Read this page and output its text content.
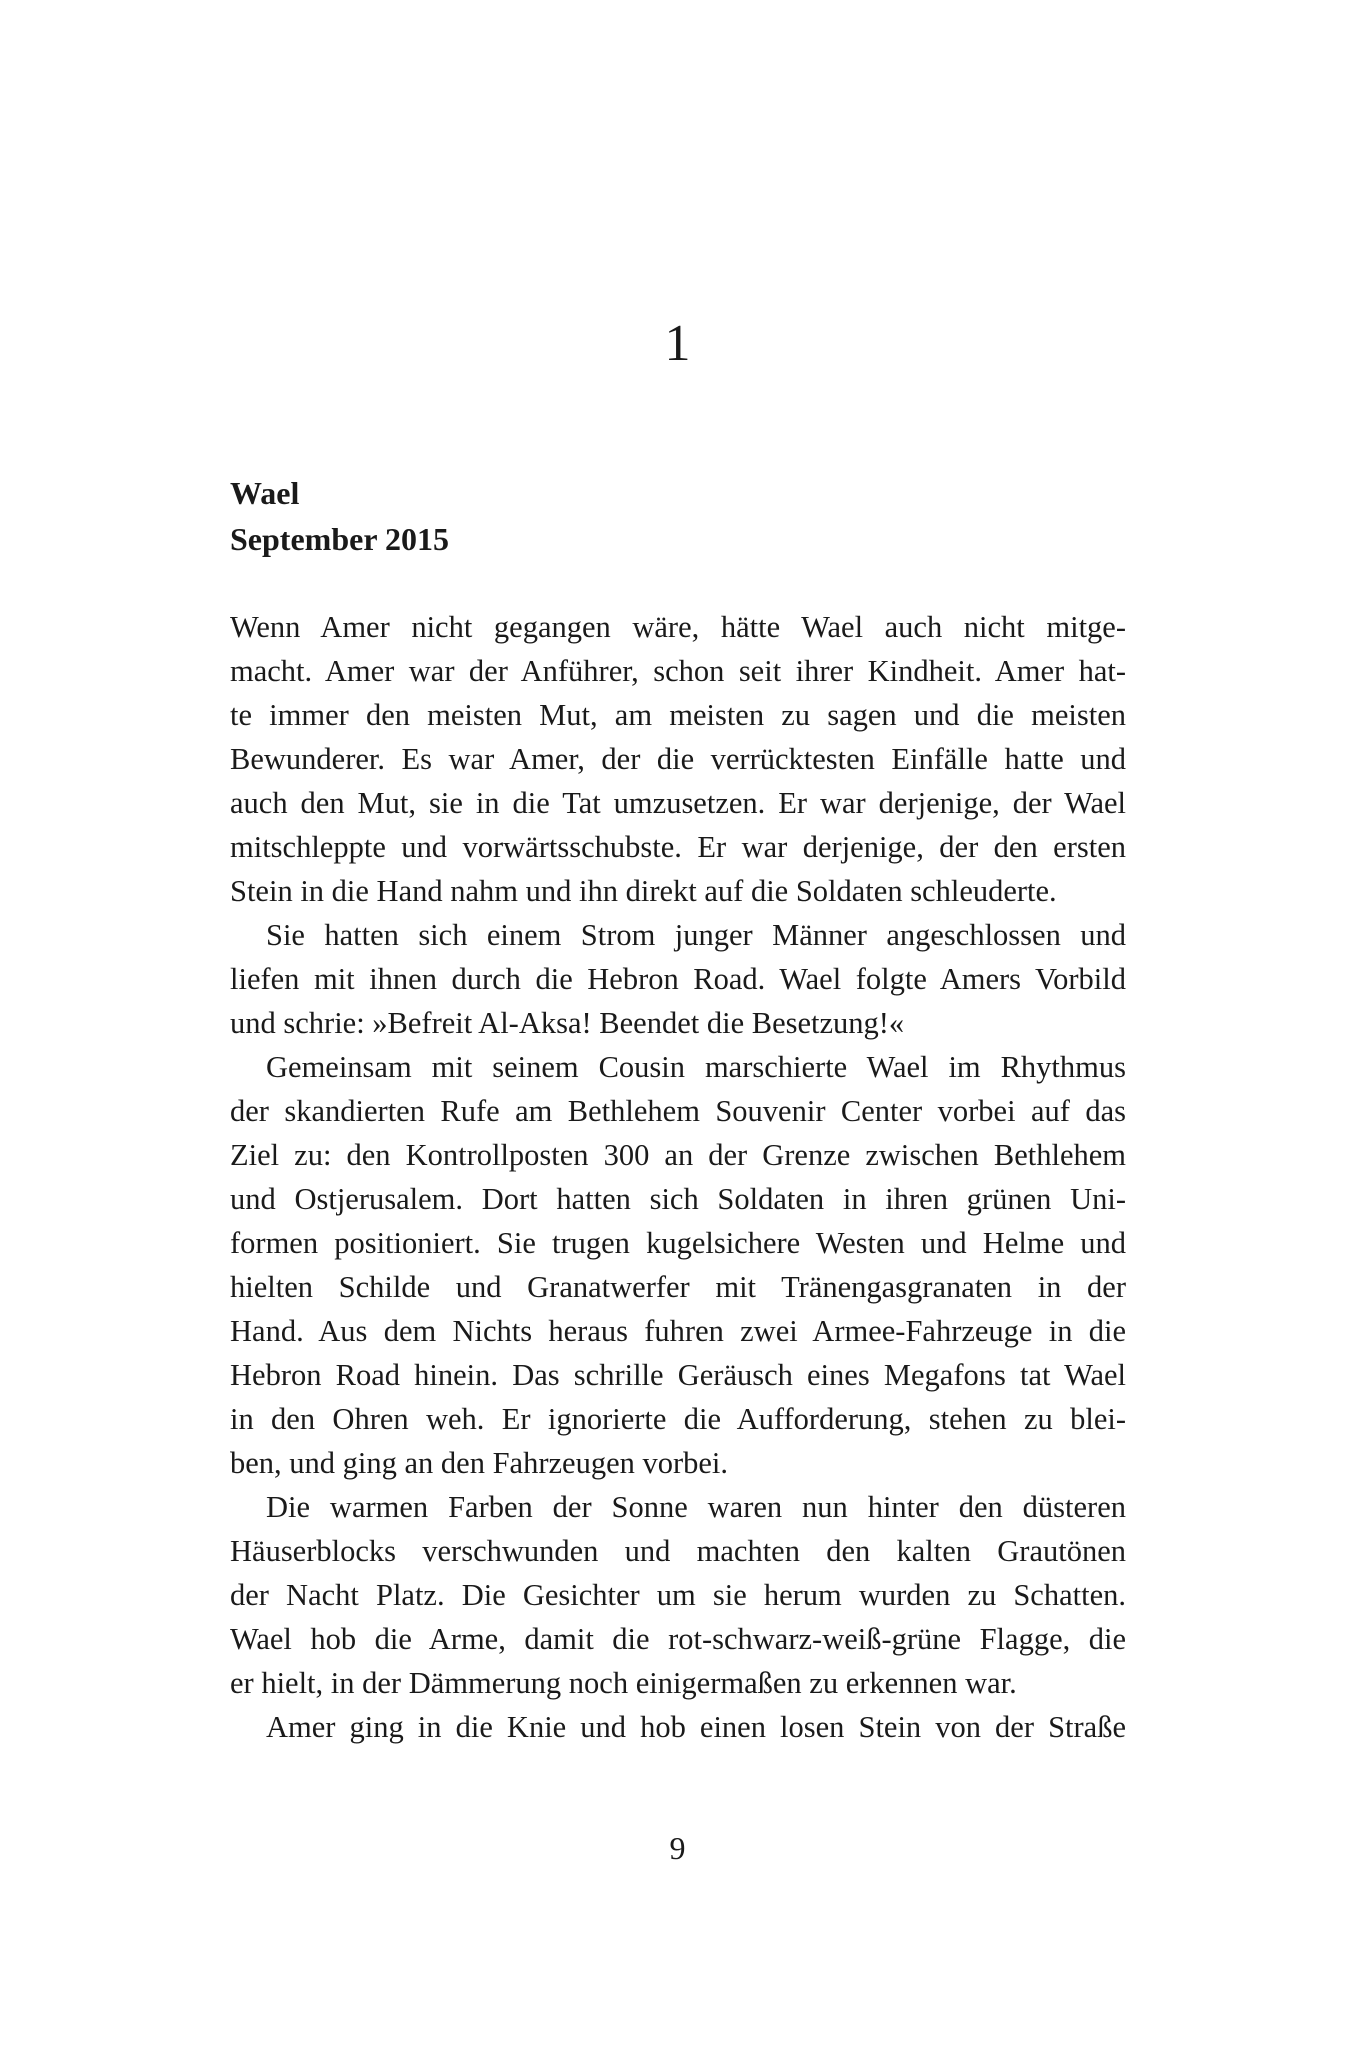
1
Wael
September 2015
Wenn Amer nicht gegangen wäre, hätte Wael auch nicht mitge-
macht. Amer war der Anführer, schon seit ihrer Kindheit. Amer hat-
te immer den meisten Mut, am meisten zu sagen und die meisten
Bewunderer. Es war Amer, der die verrücktesten Einfälle hatte und
auch den Mut, sie in die Tat umzusetzen. Er war derjenige, der Wael
mitschleppte und vorwärtsschubste. Er war derjenige, der den ersten
Stein in die Hand nahm und ihn direkt auf die Soldaten schleuderte.
Sie hatten sich einem Strom junger Männer angeschlossen und
liefen mit ihnen durch die Hebron Road. Wael folgte Amers Vorbild
und schrie: »Befreit Al-Aksa! Beendet die Besetzung!«
Gemeinsam mit seinem Cousin marschierte Wael im Rhythmus
der skandierten Rufe am Bethlehem Souvenir Center vorbei auf das
Ziel zu: den Kontrollposten 300 an der Grenze zwischen Bethlehem
und Ostjerusalem. Dort hatten sich Soldaten in ihren grünen Uni-
formen positioniert. Sie trugen kugelsichere Westen und Helme und
hielten Schilde und Granatwerfer mit Tränengasgranaten in der
Hand. Aus dem Nichts heraus fuhren zwei Armee-Fahrzeuge in die
Hebron Road hinein. Das schrille Geräusch eines Megafons tat Wael
in den Ohren weh. Er ignorierte die Aufforderung, stehen zu blei-
ben, und ging an den Fahrzeugen vorbei.
Die warmen Farben der Sonne waren nun hinter den düsteren
Häuserblocks verschwunden und machten den kalten Grautönen
der Nacht Platz. Die Gesichter um sie herum wurden zu Schatten.
Wael hob die Arme, damit die rot-schwarz-weiß-grüne Flagge, die
er hielt, in der Dämmerung noch einigermaßen zu erkennen war.
Amer ging in die Knie und hob einen losen Stein von der Straße
9
